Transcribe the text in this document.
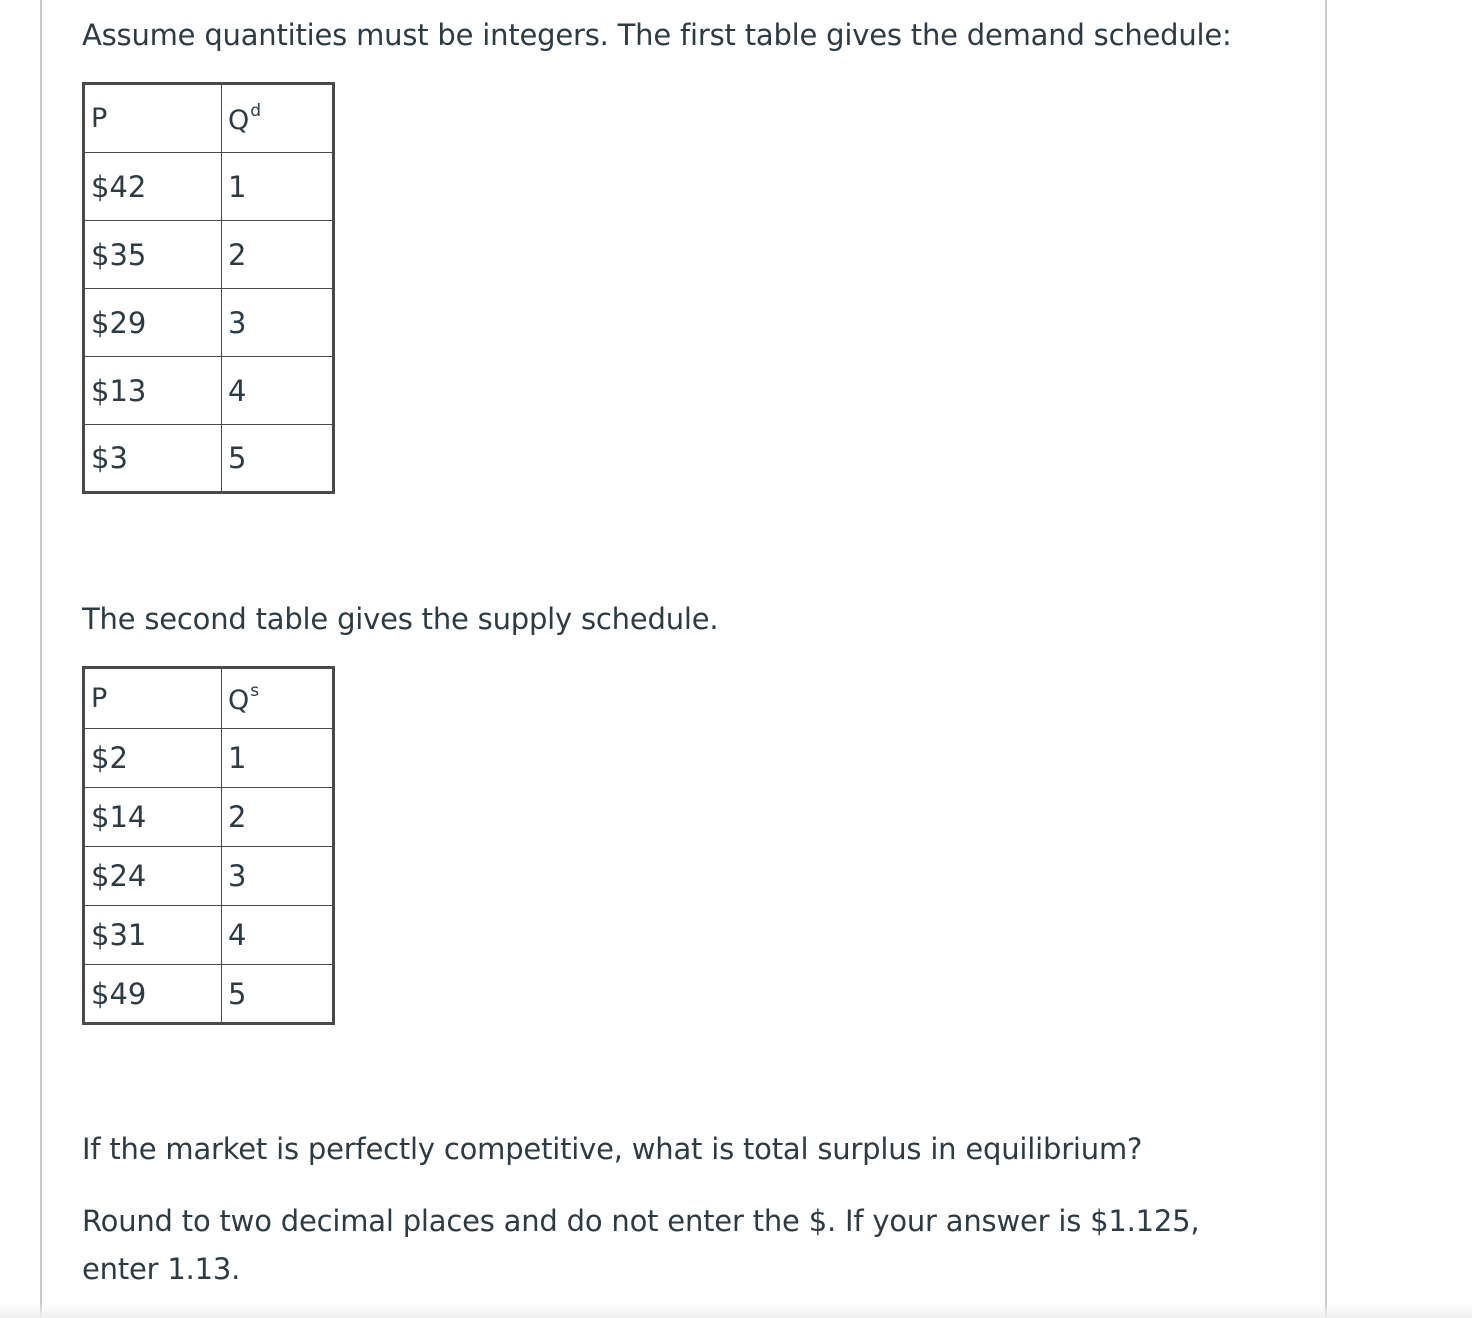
Assume quantities must be integers. The first table gives the demand schedule:

P	$Q^d$
$42	1
$35	2
$29	3
$13	4
$3	5

The second table gives the supply schedule.

P	$Q^s$
$2	1
$14	2
$24	3
$31	4
$49	5

If the market is perfectly competitive, what is total surplus in equilibrium?

Round to two decimal places and do not enter the $. If your answer is $1.125, enter 1.13.
